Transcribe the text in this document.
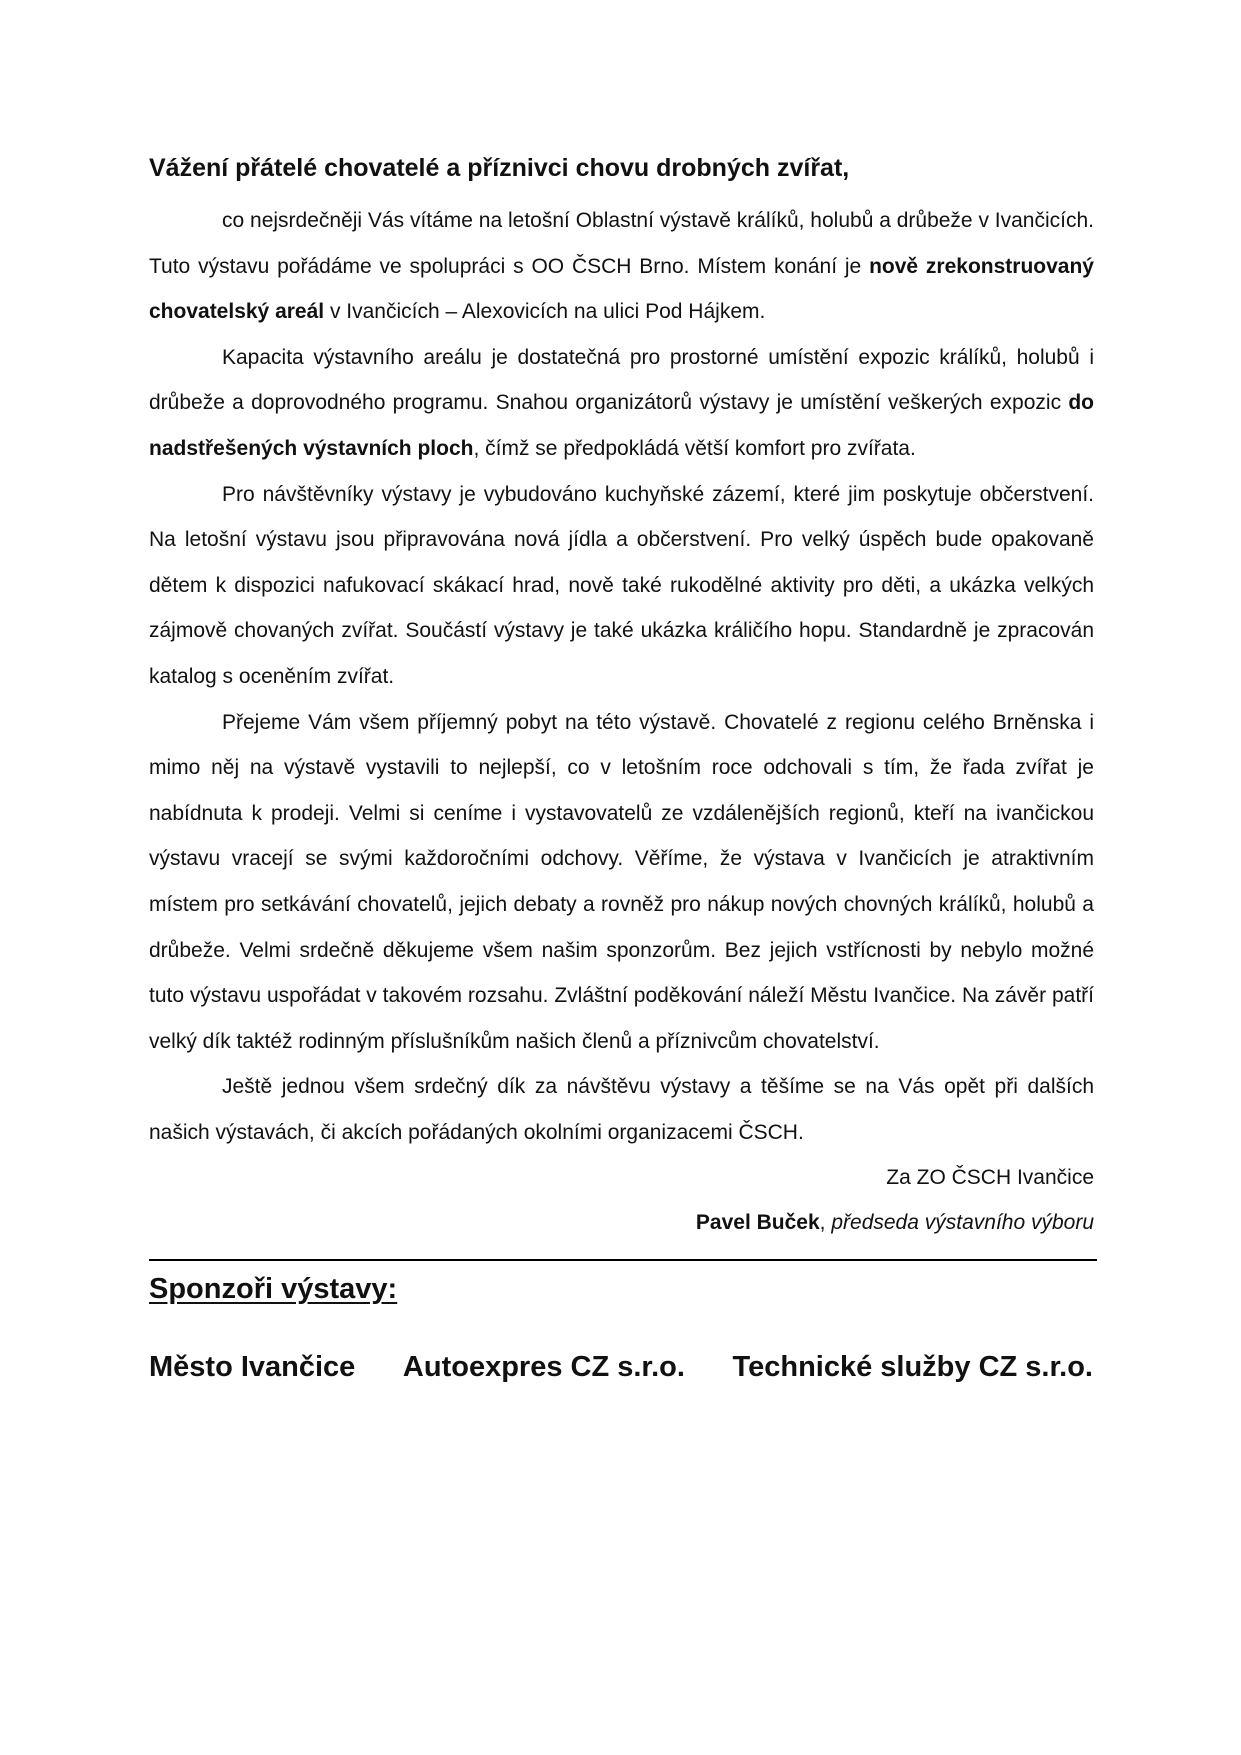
Vážení přátelé chovatelé a příznivci chovu drobných zvířat,

co nejsrdečněji Vás vítáme na letošní Oblastní výstavě králíků, holubů a drůbeže v Ivančicích. Tuto výstavu pořádáme ve spolupráci s OO ČSCH Brno. Místem konání je nově zrekonstruovaný chovatelský areál v Ivančicích – Alexovicích na ulici Pod Hájkem.

Kapacita výstavního areálu je dostatečná pro prostorné umístění expozic králíků, holubů i drůbeže a doprovodného programu. Snahou organizátorů výstavy je umístění veškerých expozic do nadstřešených výstavních ploch, čímž se předpokládá větší komfort pro zvířata.

Pro návštěvníky výstavy je vybudováno kuchyňské zázemí, které jim poskytuje občerstvení. Na letošní výstavu jsou připravována nová jídla a občerstvení. Pro velký úspěch bude opakovaně dětem k dispozici nafukovací skákací hrad, nově také rukodělné aktivity pro děti, a ukázka velkých zájmově chovaných zvířat. Součástí výstavy je také ukázka králičího hopu. Standardně je zpracován katalog s oceněním zvířat.

Přejeme Vám všem příjemný pobyt na této výstavě. Chovatelé z regionu celého Brněnska i mimo něj na výstavě vystavili to nejlepší, co v letošním roce odchovali s tím, že řada zvířat je nabídnuta k prodeji. Velmi si ceníme i vystavovatelů ze vzdálenějších regionů, kteří na ivančickou výstavu vracejí se svými každoročními odchovy. Věříme, že výstava v Ivančicích je atraktivním místem pro setkávání chovatelů, jejich debaty a rovněž pro nákup nových chovných králíků, holubů a drůbeže. Velmi srdečně děkujeme všem našim sponzorům. Bez jejich vstřícnosti by nebylo možné tuto výstavu uspořádat v takovém rozsahu. Zvláštní poděkování náleží Městu Ivančice. Na závěr patří velký dík taktéž rodinným příslušníkům našich členů a příznivcům chovatelství.

Ještě jednou všem srdečný dík za návštěvu výstavy a těšíme se na Vás opět při dalších našich výstavách, či akcích pořádaných okolními organizacemi ČSCH.

Za ZO ČSCH Ivančice

Pavel Buček, předseda výstavního výboru

Sponzoři výstavy:
Město Ivančice Autoexpres CZ s.r.o. Technické služby CZ s.r.o.
